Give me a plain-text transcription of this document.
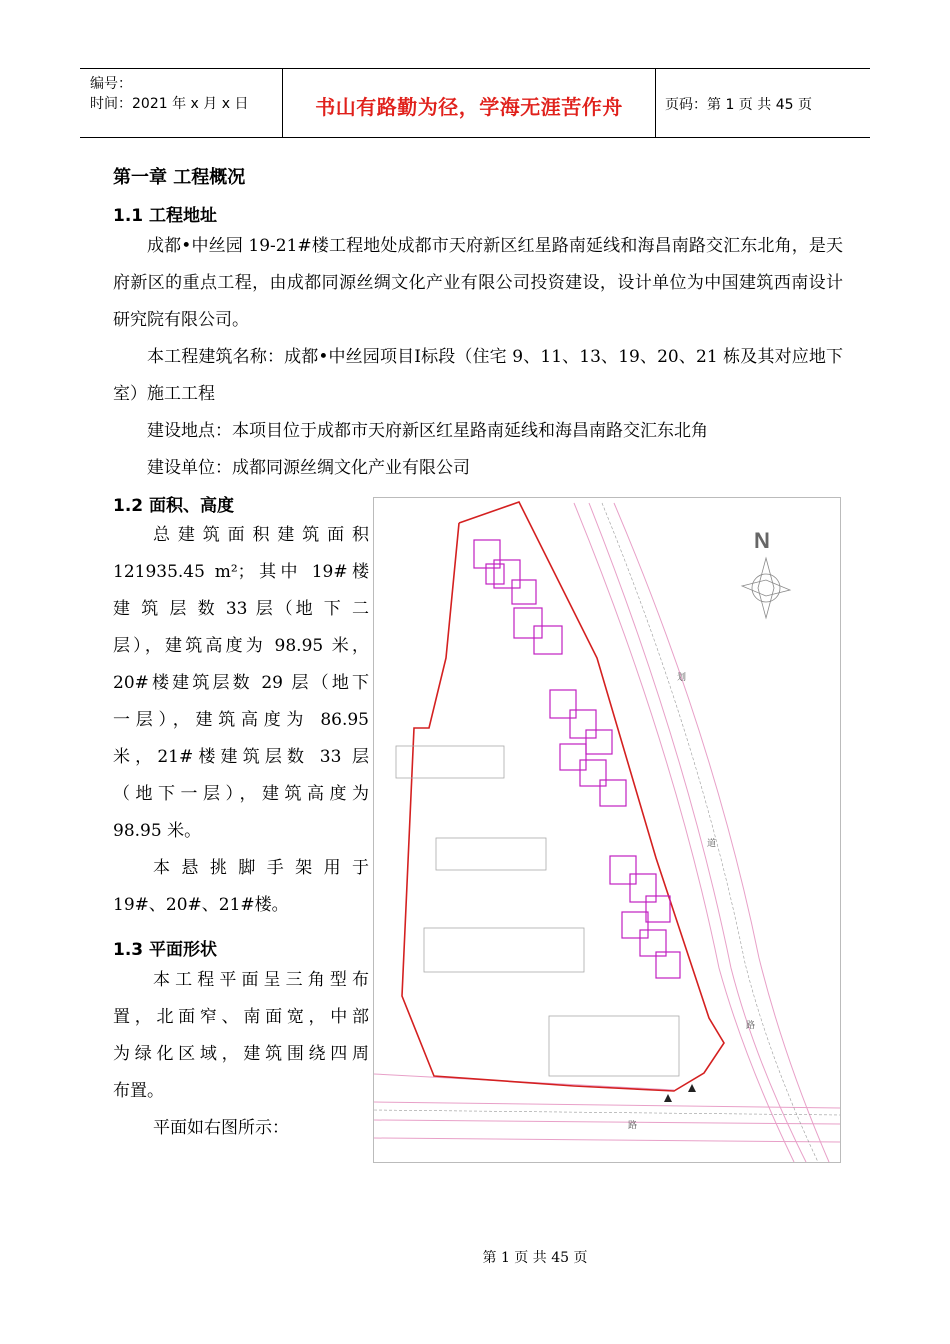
编号：
时间：2021 年 x 月 x 日	书山有路勤为径，学海无涯苦作舟	页码：第 1 页 共 45 页
第一章 工程概况
1.1 工程地址

成都•中丝园 19-21#楼工程地处成都市天府新区红星路南延线和海昌南路交汇东北角，是天府新区的重点工程，由成都同源丝绸文化产业有限公司投资建设，设计单位为中国建筑西南设计研究院有限公司。

本工程建筑名称：成都•中丝园项目Ⅰ标段（住宅 9、11、13、19、20、21 栋及其对应地下室）施工工程

建设地点：本项目位于成都市天府新区红星路南延线和海昌南路交汇东北角

建设单位：成都同源丝绸文化产业有限公司

1.2 面积、高度

总 建 筑 面 积 建 筑 面 积

121935.45 m²；其中 19#楼

建 筑 层 数 33 层（地 下 二

层），建筑高度为 98.95 米，

20#楼建筑层数 29 层（地下

一层），建筑高度为 86.95

米，21#楼建筑层数 33 层

（地下一层），建筑高度为

98.95 米。

本 悬 挑 脚 手 架 用 于

19#、20#、21#楼。

1.3 平面形状

本工程平面呈三角型布

置，北面窄、南面宽，中部

为绿化区域，建筑围绕四周

布置。

平面如右图所示：

N
划
道
路
路
第 1 页 共 45 页
